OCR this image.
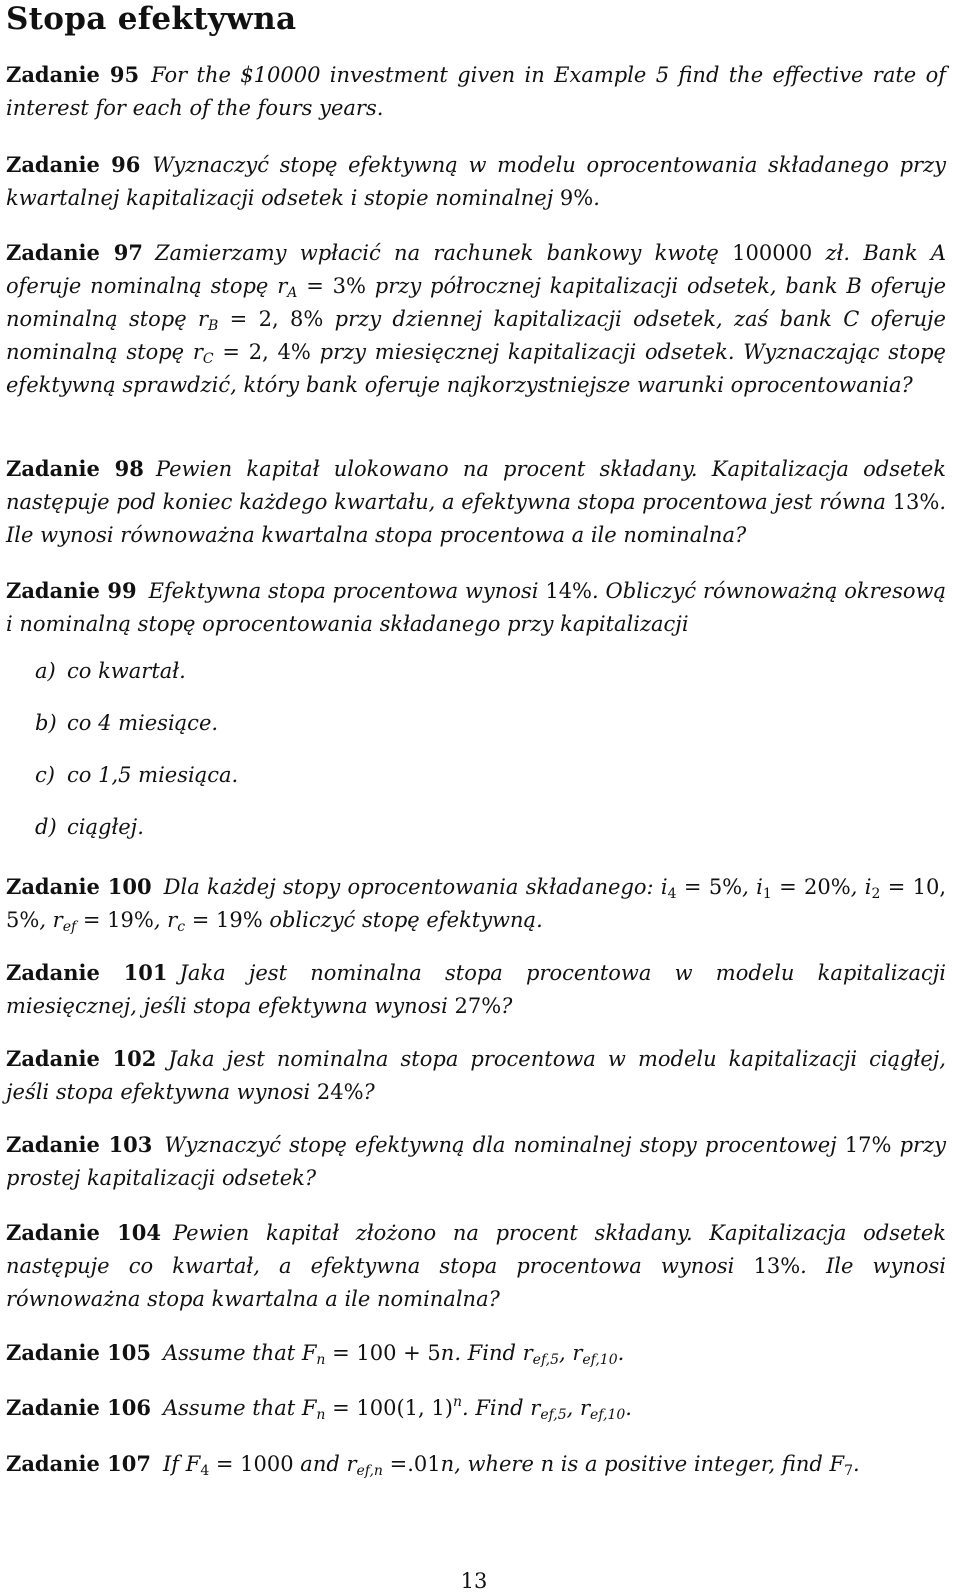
Stopa efektywna
Zadanie 95 For the $10000 investment given in Example 5 find the effective rate of interest for each of the fours years.
Zadanie 96 Wyznaczyć stopę efektywną w modelu oprocentowania składanego przy kwartalnej kapitalizacji odsetek i stopie nominalnej 9%.
Zadanie 97 Zamierzamy wpłacić na rachunek bankowy kwotę 100000 zł. Bank A oferuje nominalną stopę $r_A = 3\%$ przy półrocznej kapitalizacji odsetek, bank B oferuje nominalną stopę $r_B = 2$, 8% przy dziennej kapitalizacji odsetek, zaś bank C oferuje nominalną stopę $r_C = 2$, 4% przy miesięcznej kapitalizacji odsetek. Wyznaczając stopę efektywną sprawdzić, który bank oferuje najkorzystniejsze warunki oprocentowania?
Zadanie 98 Pewien kapitał ulokowano na procent składany. Kapitalizacja odsetek następuje pod koniec każdego kwartału, a efektywna stopa procentowa jest równa 13%. Ile wynosi równoważna kwartalna stopa procentowa a ile nominalna?
Zadanie 99 Efektywna stopa procentowa wynosi 14%. Obliczyć równoważną okresową i nominalną stopę oprocentowania składanego przy kapitalizacji
a) co kwartał.
b) co 4 miesiące.
c) co 1,5 miesiąca.
d) ciągłej.
Zadanie 100 Dla każdej stopy oprocentowania składanego: $i_4 = 5\%$, $i_1 = 20\%$, $i_2 = 10$, 5%, $r_{ef} = 19\%$, $r_c = 19\%$ obliczyć stopę efektywną.
Zadanie 101 Jaka jest nominalna stopa procentowa w modelu kapitalizacji miesięcznej, jeśli stopa efektywna wynosi 27%?
Zadanie 102 Jaka jest nominalna stopa procentowa w modelu kapitalizacji ciągłej, jeśli stopa efektywna wynosi 24%?
Zadanie 103 Wyznaczyć stopę efektywną dla nominalnej stopy procentowej 17% przy prostej kapitalizacji odsetek?
Zadanie 104 Pewien kapitał złożono na procent składany. Kapitalizacja odsetek następuje co kwartał, a efektywna stopa procentowa wynosi 13%. Ile wynosi równoważna stopa kwartalna a ile nominalna?
Zadanie 105 Assume that $F_n = 100 + 5n$. Find $r_{ef,5}$, $r_{ef,10}$.
Zadanie 106 Assume that $F_n = 100(1$, 1)$^n$. Find $r_{ef,5}$, $r_{ef,10}$.
Zadanie 107 If $F_4 = 1000$ and $r_{ef,n} =.01n$, where n is a positive integer, find $F_7$.
13
